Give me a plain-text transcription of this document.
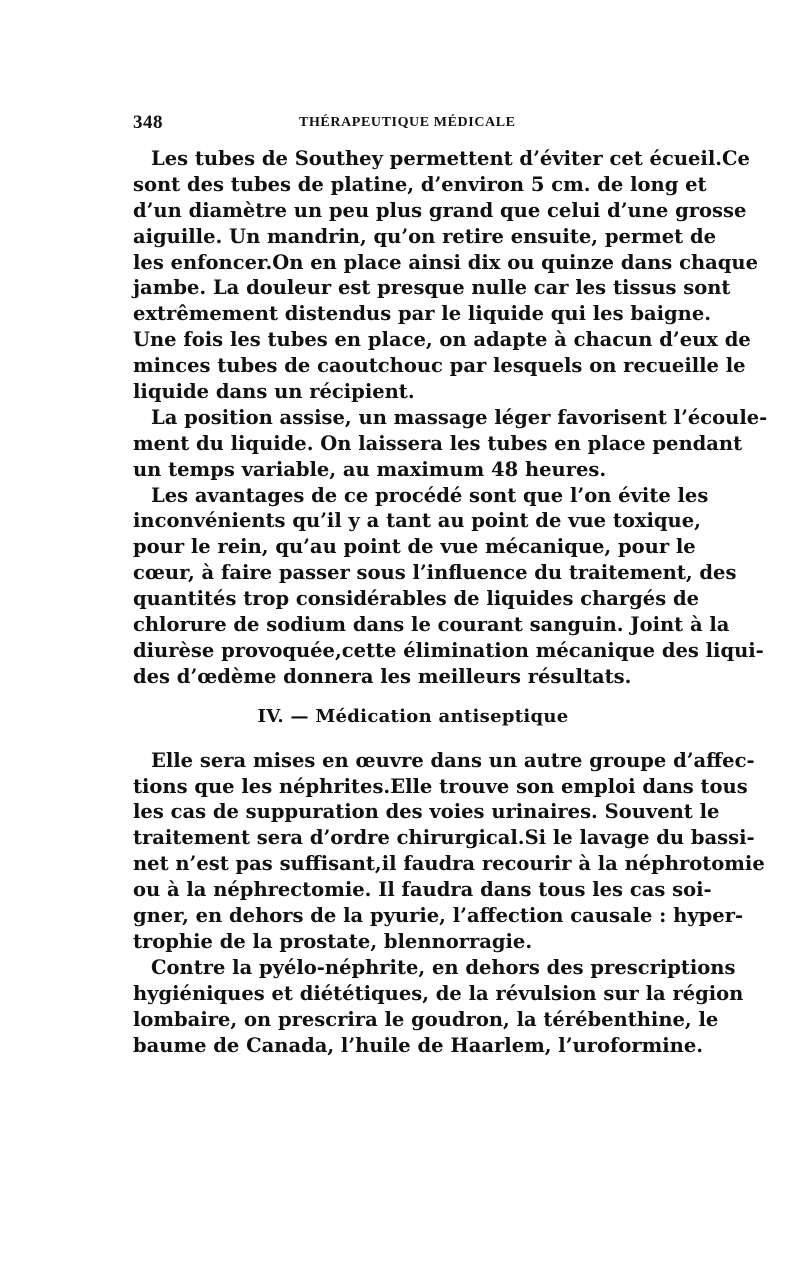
348	THÉRAPEUTIQUE MÉDICALE
Les tubes de Southey permettent d’éviter cet écueil.Ce
sont des tubes de platine, d’environ 5 cm. de long et
d’un diamètre un peu plus grand que celui d’une grosse
aiguille. Un mandrin, qu’on retire ensuite, permet de
les enfoncer.On en place ainsi dix ou quinze dans chaque
jambe. La douleur est presque nulle car les tissus sont
extrêmement distendus par le liquide qui les baigne.
Une fois les tubes en place, on adapte à chacun d’eux de
minces tubes de caoutchouc par lesquels on recueille le
liquide dans un récipient.
La position assise, un massage léger favorisent l’écoule-
ment du liquide. On laissera les tubes en place pendant
un temps variable, au maximum 48 heures.
Les avantages de ce procédé sont que l’on évite les
inconvénients qu’il y a tant au point de vue toxique,
pour le rein, qu’au point de vue mécanique, pour le
cœur, à faire passer sous l’influence du traitement, des
quantités trop considérables de liquides chargés de
chlorure de sodium dans le courant sanguin. Joint à la
diurèse provoquée,cette élimination mécanique des liqui-
des d’œdème donnera les meilleurs résultats.
IV. — Médication antiseptique
Elle sera mises en œuvre dans un autre groupe d’affec-
tions que les néphrites.Elle trouve son emploi dans tous
les cas de suppuration des voies urinaires. Souvent le
traitement sera d’ordre chirurgical.Si le lavage du bassi-
net n’est pas suffisant,il faudra recourir à la néphrotomie
ou à la néphrectomie. Il faudra dans tous les cas soi-
gner, en dehors de la pyurie, l’affection causale : hyper-
trophie de la prostate, blennorragie.
Contre la pyélo-néphrite, en dehors des prescriptions
hygiéniques et diététiques, de la révulsion sur la région
lombaire, on prescrira le goudron, la térébenthine, le
baume de Canada, l’huile de Haarlem, l’uroformine.
